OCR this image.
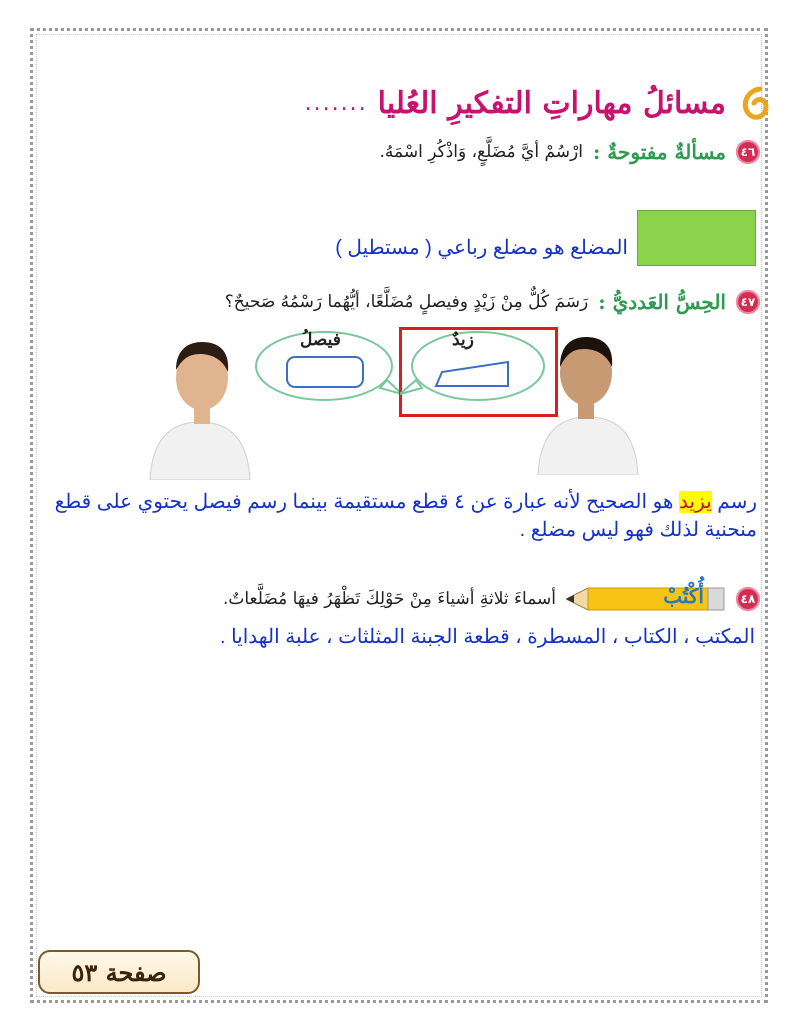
مسائلُ مهاراتِ التفكيرِ العُليا
.......
٤٦
مسألةٌ مفتوحةٌ :
ارْسُمْ أيَّ مُضَلَّعٍ، وَاذْكُرِ اسْمَهُ.
المضلع هو مضلع رباعي ( مستطيل )
٤٧
الحِسُّ العَدديُّ :
رَسَمَ كُلٌّ مِنْ زَيْدٍ وفيصلٍ مُضَلَّعًا، أيُّهُما رَسْمُهُ صَحيحٌ؟
فيصلُ	زيدٌ
رسم يزيد هو الصحيح لأنه عبارة عن ٤ قطع مستقيمة بينما رسم فيصل يحتوي على قطع منحنية لذلك فهو ليس مضلع .
٤٨
أُكْتُبْ
أسماءَ ثلاثةِ أشياءَ مِنْ حَوْلِكَ تَظْهَرُ فيهَا مُضَلَّعاتٌ.
المكتب ، الكتاب ، المسطرة ، قطعة الجبنة المثلثات ، علبة الهدايا .
صفحة ٥٣
